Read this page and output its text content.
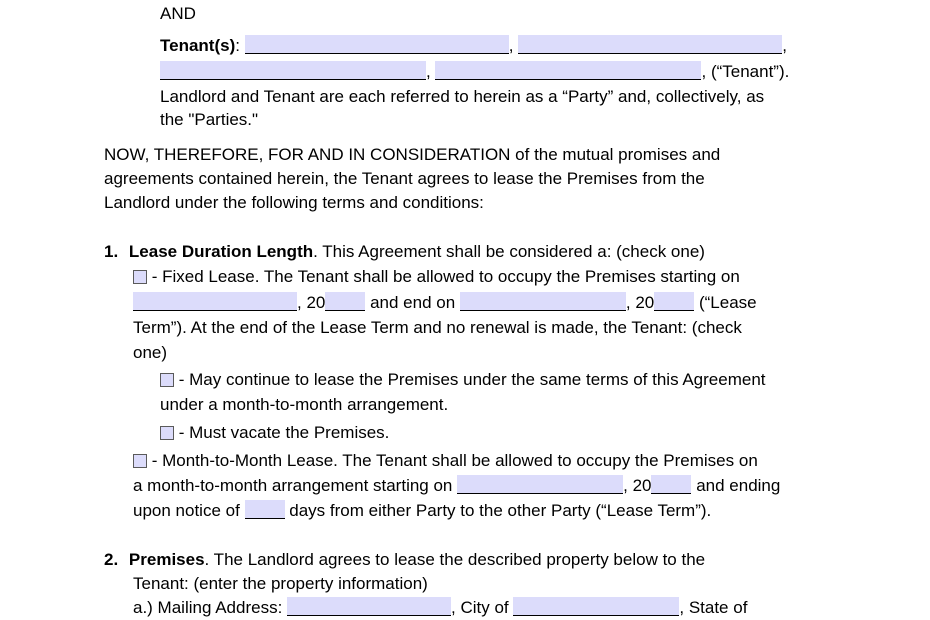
AND
Tenant(s):	,	,
,	, (“Tenant”).
Landlord and Tenant are each referred to herein as a “Party” and, collectively, as
the "Parties."
NOW, THEREFORE, FOR AND IN CONSIDERATION of the mutual promises and
agreements contained herein, the Tenant agrees to lease the Premises from the
Landlord under the following terms and conditions:
1. Lease Duration Length. This Agreement shall be considered a: (check one)
- Fixed Lease. The Tenant shall be allowed to occupy the Premises starting on
, 20 and end on	, 20 (“Lease
Term”). At the end of the Lease Term and no renewal is made, the Tenant: (check
one)
- May continue to lease the Premises under the same terms of this Agreement
under a month-to-month arrangement.
- Must vacate the Premises.
- Month-to-Month Lease. The Tenant shall be allowed to occupy the Premises on
a month-to-month arrangement starting on	, 20 and ending
upon notice of  days from either Party to the other Party (“Lease Term”).
2. Premises. The Landlord agrees to lease the described property below to the
Tenant: (enter the property information)
a.) Mailing Address:	, City of	, State of
